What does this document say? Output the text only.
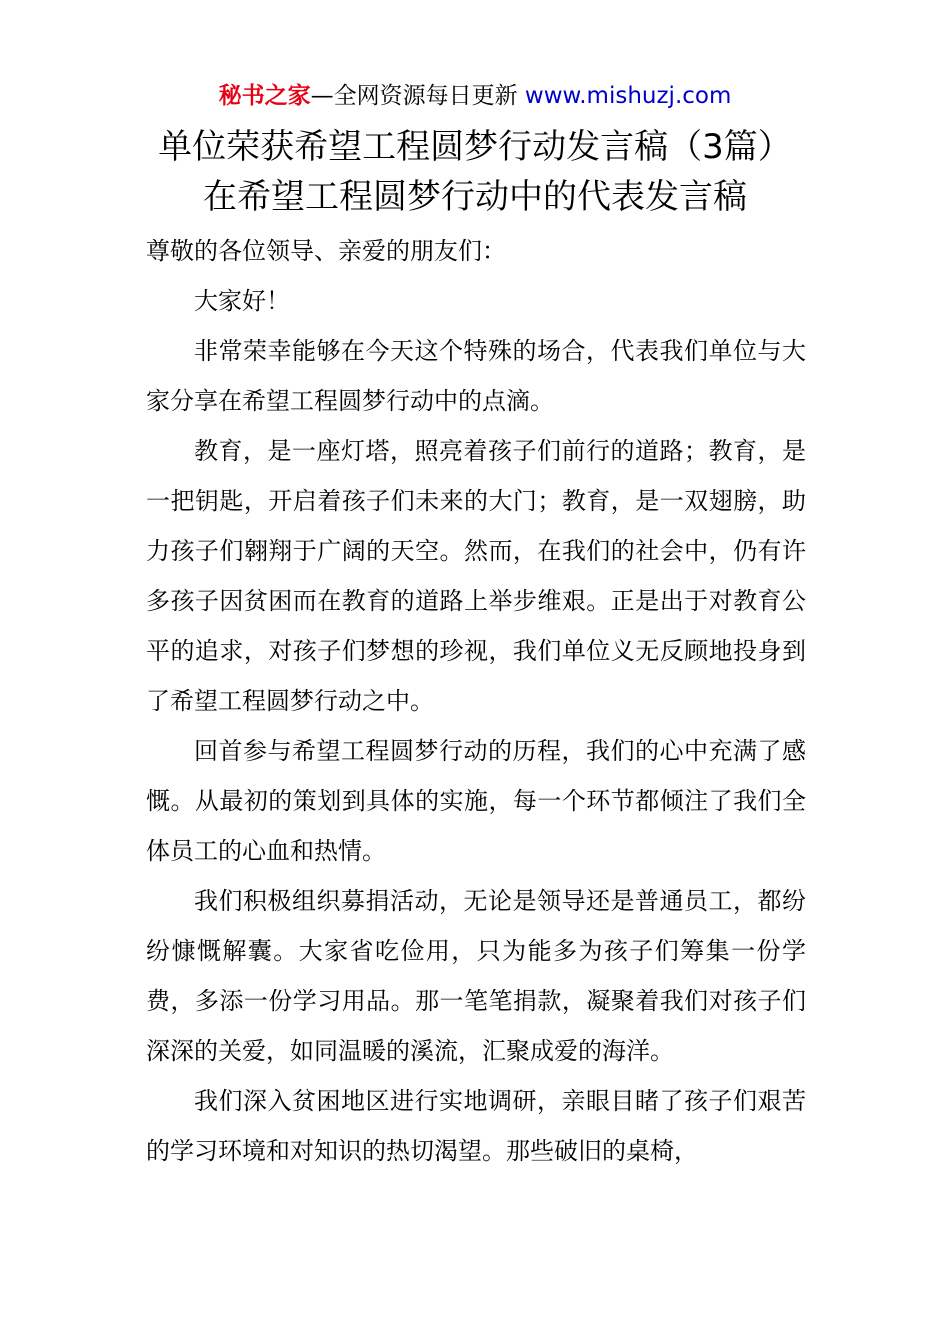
秘书之家—全网资源每日更新 www.mishuzj.com
单位荣获希望工程圆梦行动发言稿（3篇）
在希望工程圆梦行动中的代表发言稿

尊敬的各位领导、亲爱的朋友们：

大家好！

非常荣幸能够在今天这个特殊的场合，代表我们单位与大家分享在希望工程圆梦行动中的点滴。

教育，是一座灯塔，照亮着孩子们前行的道路；教育，是一把钥匙，开启着孩子们未来的大门；教育，是一双翅膀，助力孩子们翱翔于广阔的天空。然而，在我们的社会中，仍有许多孩子因贫困而在教育的道路上举步维艰。正是出于对教育公平的追求，对孩子们梦想的珍视，我们单位义无反顾地投身到了希望工程圆梦行动之中。

回首参与希望工程圆梦行动的历程，我们的心中充满了感慨。从最初的策划到具体的实施，每一个环节都倾注了我们全体员工的心血和热情。

我们积极组织募捐活动，无论是领导还是普通员工，都纷纷慷慨解囊。大家省吃俭用，只为能多为孩子们筹集一份学费，多添一份学习用品。那一笔笔捐款，凝聚着我们对孩子们深深的关爱，如同温暖的溪流，汇聚成爱的海洋。

我们深入贫困地区进行实地调研，亲眼目睹了孩子们艰苦的学习环境和对知识的热切渴望。那些破旧的桌椅，
